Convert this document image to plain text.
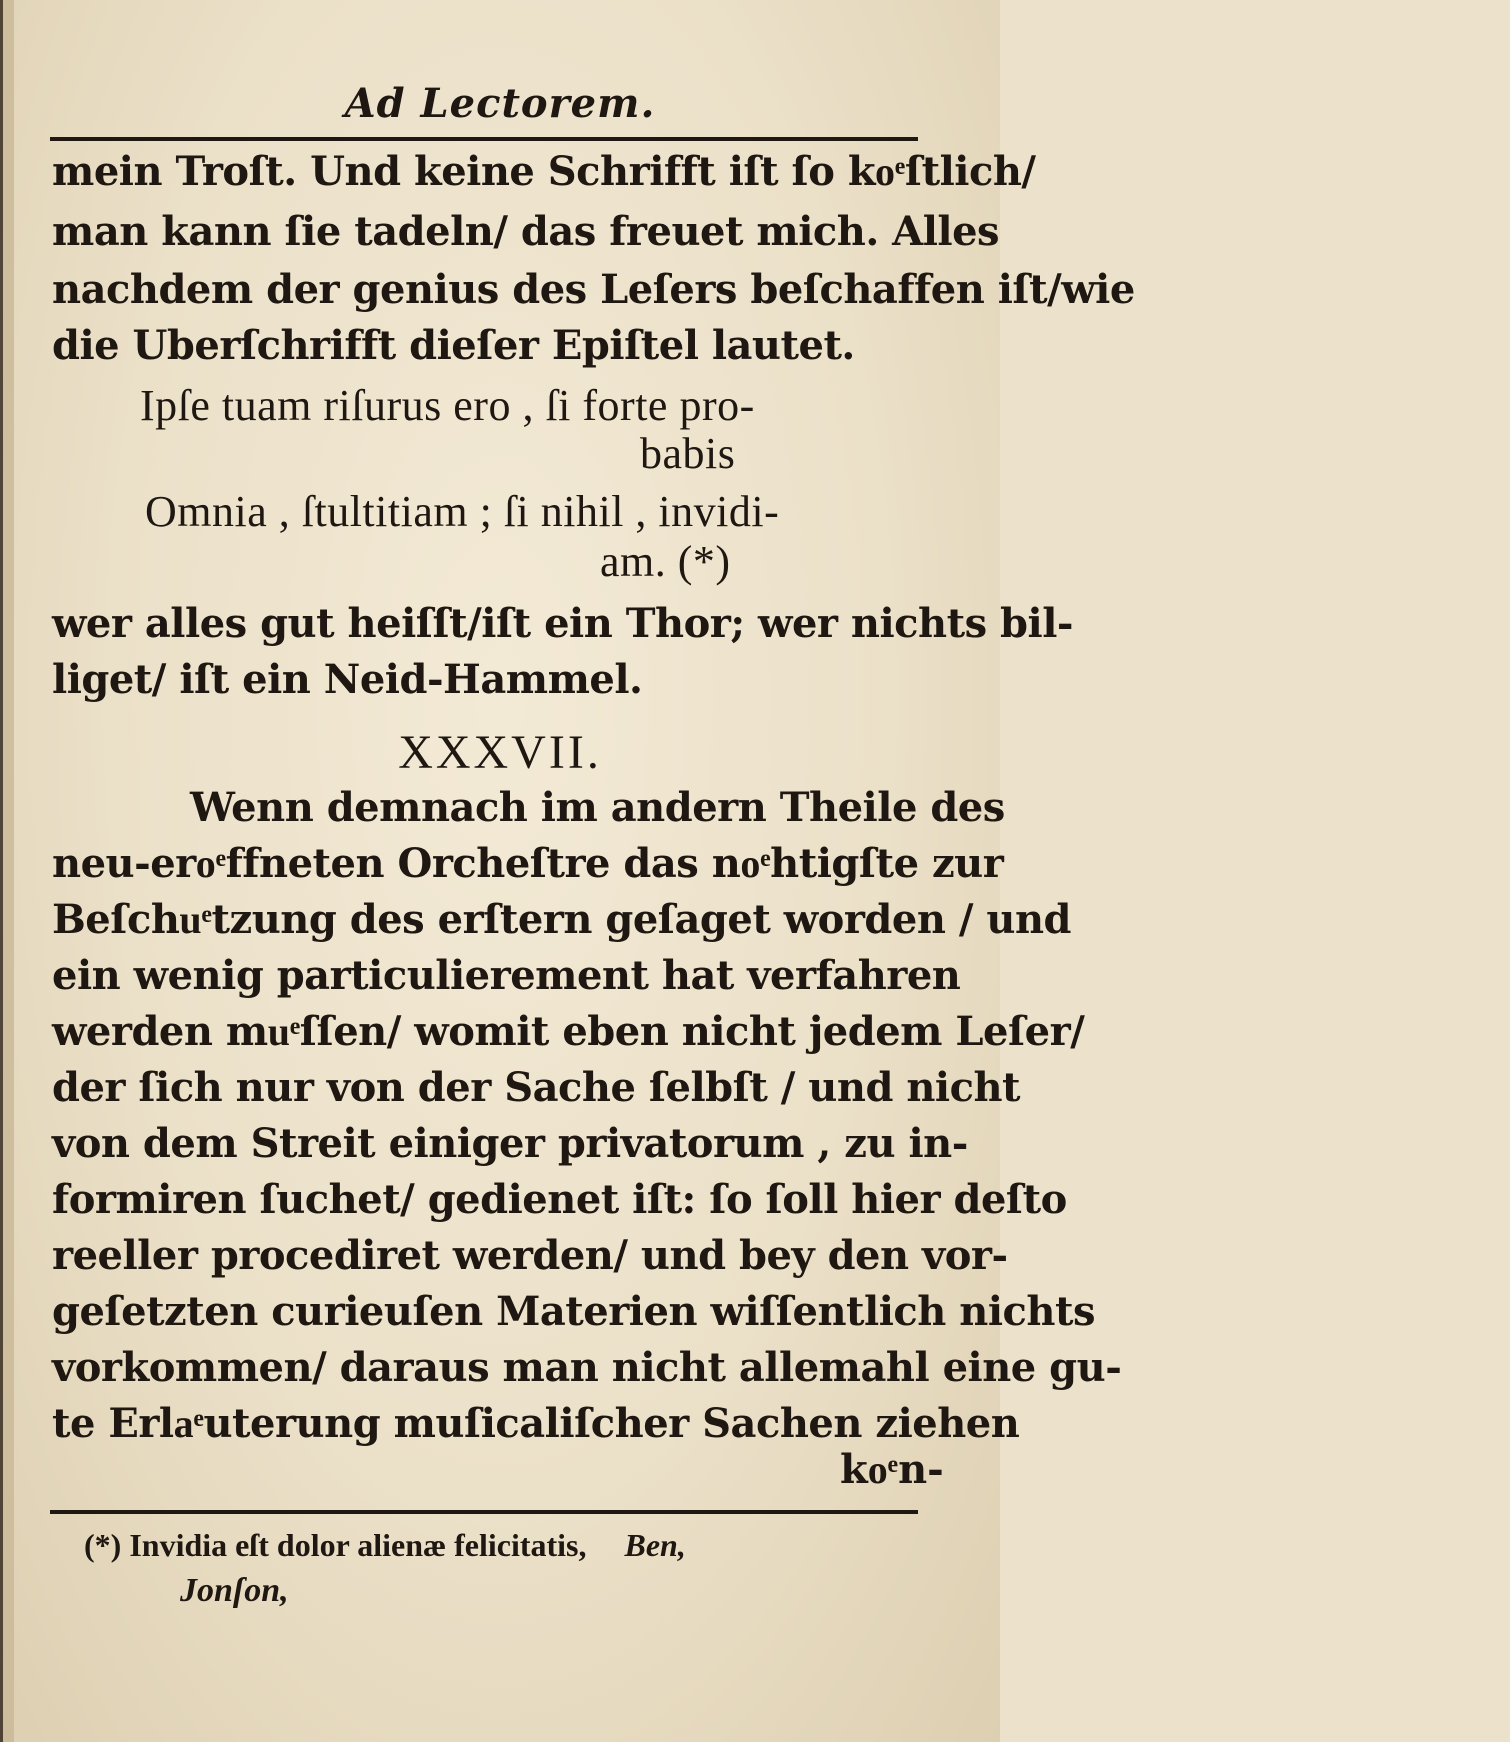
Ad Lectorem.
mein Troſt. Und keine Schrifft iſt ſo koͤſtlich/
man kann ſie tadeln/ das freuet mich. Alles
nachdem der genius des Leſers beſchaffen iſt/wie
die Uberſchrifft dieſer Epiſtel lautet.
Ipſe tuam riſurus ero , ſi forte pro-
babis
Omnia , ſtultitiam ; ſi nihil , invidi-
am. (*)
wer alles gut heiſſt/iſt ein Thor; wer nichts bil-
liget/ iſt ein Neid-Hammel.
XXXVII.
Wenn demnach im andern Theile des
neu-eroͤffneten Orcheſtre das noͤhtigſte zur
Beſchuͤtzung des erſtern geſaget worden / und
ein wenig particulierement hat verfahren
werden muͤſſen/ womit eben nicht jedem Leſer/
der ſich nur von der Sache ſelbſt / und nicht
von dem Streit einiger privatorum , zu in-
formiren ſuchet/ gedienet iſt: ſo ſoll hier deſto
reeller procediret werden/ und bey den vor-
geſetzten curieuſen Materien wiſſentlich nichts
vorkommen/ daraus man nicht allemahl eine gu-
te Erlaͤuterung muſicaliſcher Sachen ziehen
koͤn-
(*) Invidia eſt dolor alienæ felicitatis, Ben,
Jonſon,
